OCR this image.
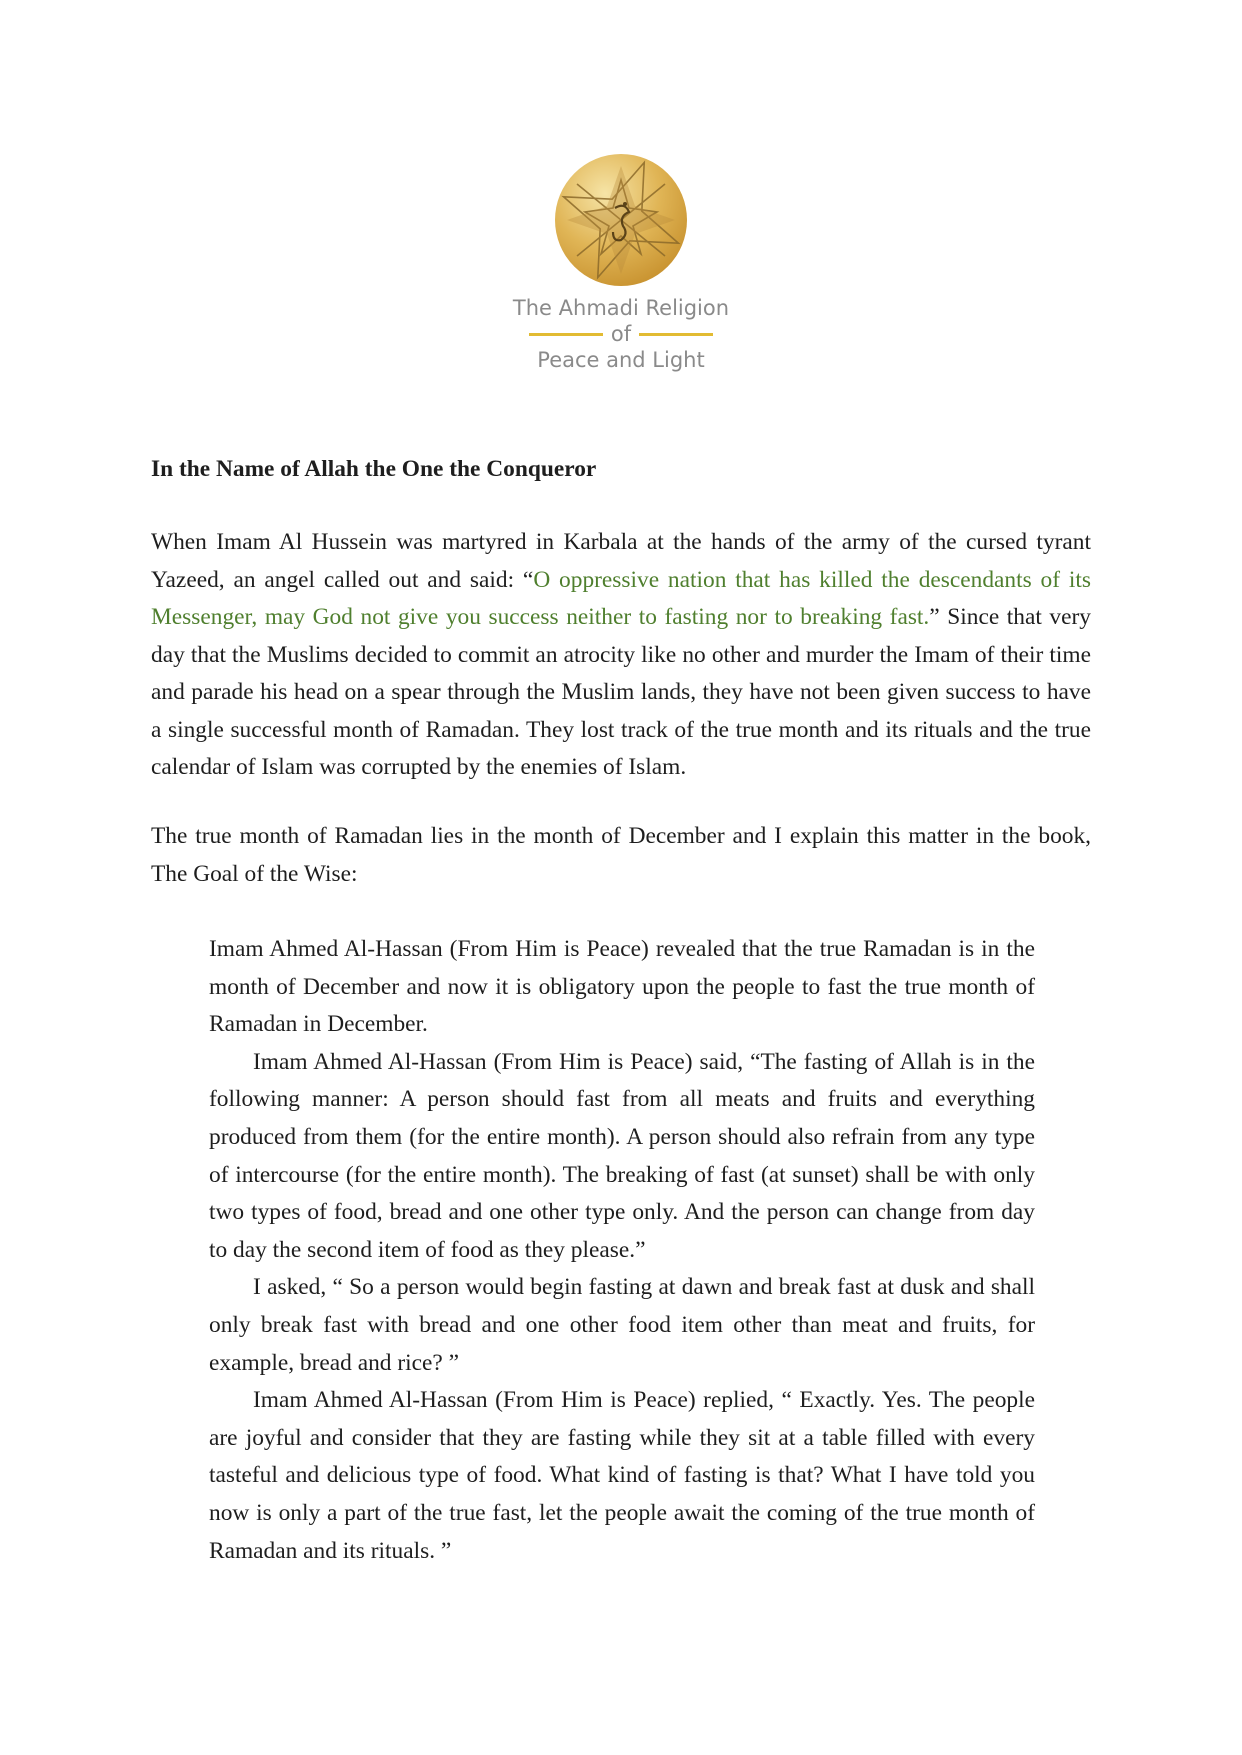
The Ahmadi Religion
of
Peace and Light
In the Name of Allah the One the Conqueror

When Imam Al Hussein was martyred in Karbala at the hands of the army of the cursed tyrant Yazeed, an angel called out and said: “O oppressive nation that has killed the descendants of its Messenger, may God not give you success neither to fasting nor to breaking fast.” Since that very day that the Muslims decided to commit an atrocity like no other and murder the Imam of their time and parade his head on a spear through the Muslim lands, they have not been given success to have a single successful month of Ramadan. They lost track of the true month and its rituals and the true calendar of Islam was corrupted by the enemies of Islam.

The true month of Ramadan lies in the month of December and I explain this matter in the book, The Goal of the Wise:

Imam Ahmed Al-Hassan (From Him is Peace) revealed that the true Ramadan is in the month of December and now it is obligatory upon the people to fast the true month of Ramadan in December.

Imam Ahmed Al-Hassan (From Him is Peace) said, “The fasting of Allah is in the following manner: A person should fast from all meats and fruits and everything produced from them (for the entire month). A person should also refrain from any type of intercourse (for the entire month). The breaking of fast (at sunset) shall be with only two types of food, bread and one other type only. And the person can change from day to day the second item of food as they please.”

I asked, “ So a person would begin fasting at dawn and break fast at dusk and shall only break fast with bread and one other food item other than meat and fruits, for example, bread and rice? ”

Imam Ahmed Al-Hassan (From Him is Peace) replied, “ Exactly. Yes. The people are joyful and consider that they are fasting while they sit at a table filled with every tasteful and delicious type of food. What kind of fasting is that? What I have told you now is only a part of the true fast, let the people await the coming of the true month of Ramadan and its rituals. ”
